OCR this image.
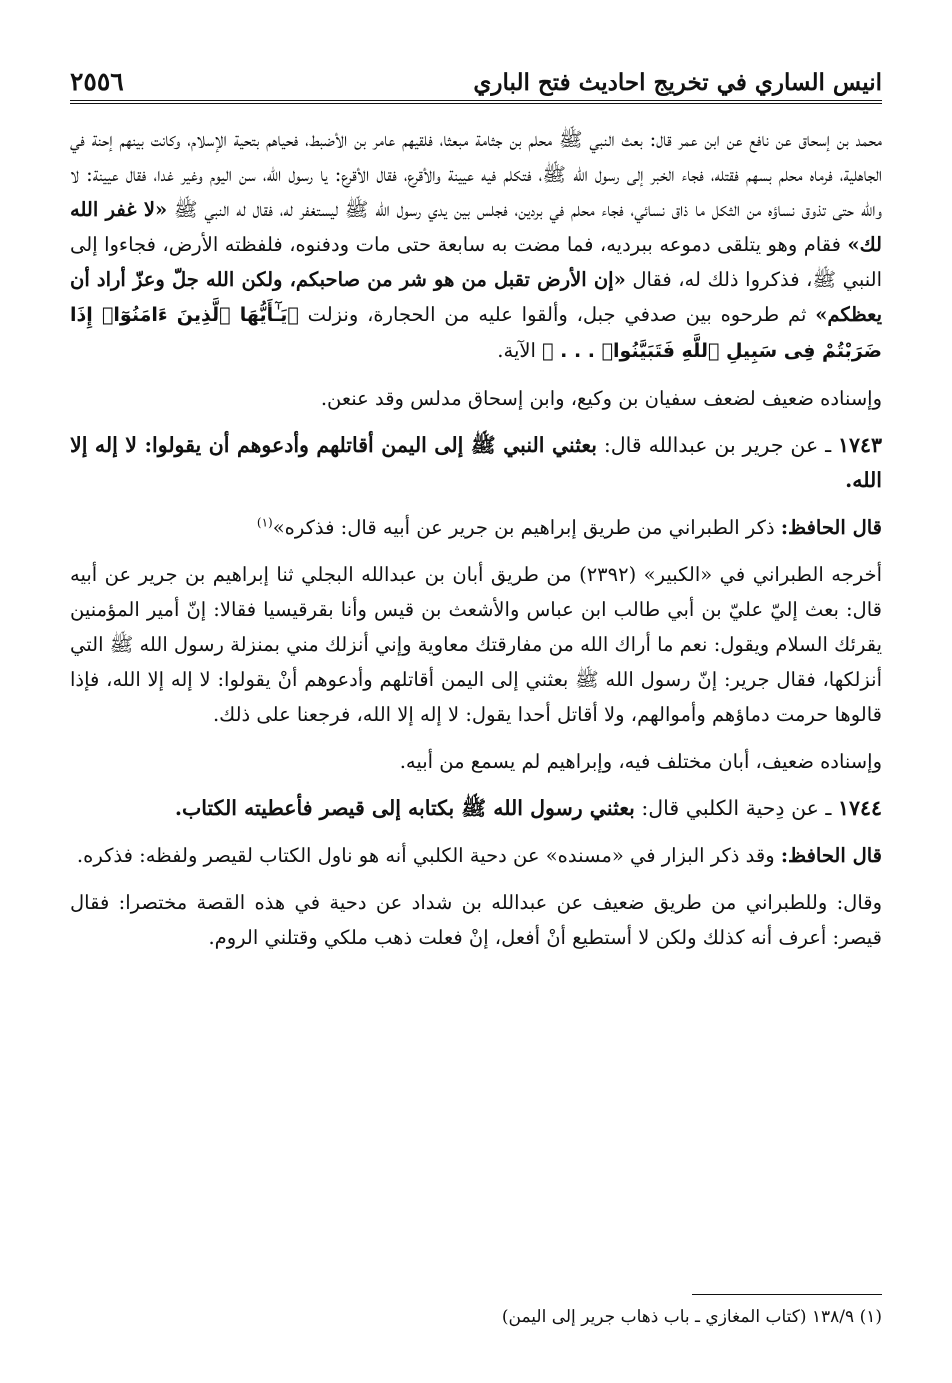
انيس الساري في تخريج احاديث فتح الباري
٢٥٥٦

محمد بن إسحاق عن نافع عن ابن عمر قال: بعث النبي ﷺ محلم بن جثامة مبعثا، فلقيهم عامر بن الأضبط، فحياهم بتحية الإسلام، وكانت بينهم إحنة في الجاهلية، فرماه محلم بسهم فقتله، فجاء الخبر إلى رسول الله ﷺ، فتكلم فيه عيينة والأقرع، فقال الأقرع: يا رسول الله، سن اليوم وغير غدا، فقال عيينة: لا والله حتى تذوق نساؤه من الثكل ما ذاق نسائي، فجاء محلم في بردين، فجلس بين يدي رسول الله ﷺ ليستغفر له، فقال له النبي ﷺ «لا غفر الله لك» فقام وهو يتلقى دموعه ببرديه، فما مضت به سابعة حتى مات ودفنوه، فلفظته الأرض، فجاءوا إلى النبي ﷺ، فذكروا ذلك له، فقال «إن الأرض تقبل من هو شر من صاحبكم، ولكن الله جلّ وعزّ أراد أن يعظكم» ثم طرحوه بين صدفي جبل، وألقوا عليه من الحجارة، ونزلت ﴿يَـٰٓأَيُّهَا ٱلَّذِينَ ءَامَنُوٓا۟ إِذَا ضَرَبْتُمْ فِى سَبِيلِ ٱللَّهِ فَتَبَيَّنُوا۟ . . . ﴾ الآية.

وإسناده ضعيف لضعف سفيان بن وكيع، وابن إسحاق مدلس وقد عنعن.

١٧٤٣ ـ عن جرير بن عبدالله قال: بعثني النبي ﷺ إلى اليمن أقاتلهم وأدعوهم أن يقولوا: لا إله إلا الله.

قال الحافظ: ذكر الطبراني من طريق إبراهيم بن جرير عن أبيه قال: فذكره»$^{(١)}$

أخرجه الطبراني في «الكبير» (٢٣٩٢) من طريق أبان بن عبدالله البجلي ثنا إبراهيم بن جرير عن أبيه قال: بعث إليّ عليّ بن أبي طالب ابن عباس والأشعث بن قيس وأنا بقرقيسيا فقالا: إنّ أمير المؤمنين يقرئك السلام ويقول: نعم ما أراك الله من مفارقتك معاوية وإني أنزلك مني بمنزلة رسول الله ﷺ التي أنزلكها، فقال جرير: إنّ رسول الله ﷺ بعثني إلى اليمن أقاتلهم وأدعوهم أنْ يقولوا: لا إله إلا الله، فإذا قالوها حرمت دماؤهم وأموالهم، ولا أقاتل أحدا يقول: لا إله إلا الله، فرجعنا على ذلك.

وإسناده ضعيف، أبان مختلف فيه، وإبراهيم لم يسمع من أبيه.

١٧٤٤ ـ عن دِحية الكلبي قال: بعثني رسول الله ﷺ بكتابه إلى قيصر فأعطيته الكتاب.

قال الحافظ: وقد ذكر البزار في «مسنده» عن دحية الكلبي أنه هو ناول الكتاب لقيصر ولفظه: فذكره.

وقال: وللطبراني من طريق ضعيف عن عبدالله بن شداد عن دحية في هذه القصة مختصرا: فقال قيصر: أعرف أنه كذلك ولكن لا أستطيع أنْ أفعل، إنْ فعلت ذهب ملكي وقتلني الروم.

(١) ١٣٨/٩ (كتاب المغازي ـ باب ذهاب جرير إلى اليمن)
